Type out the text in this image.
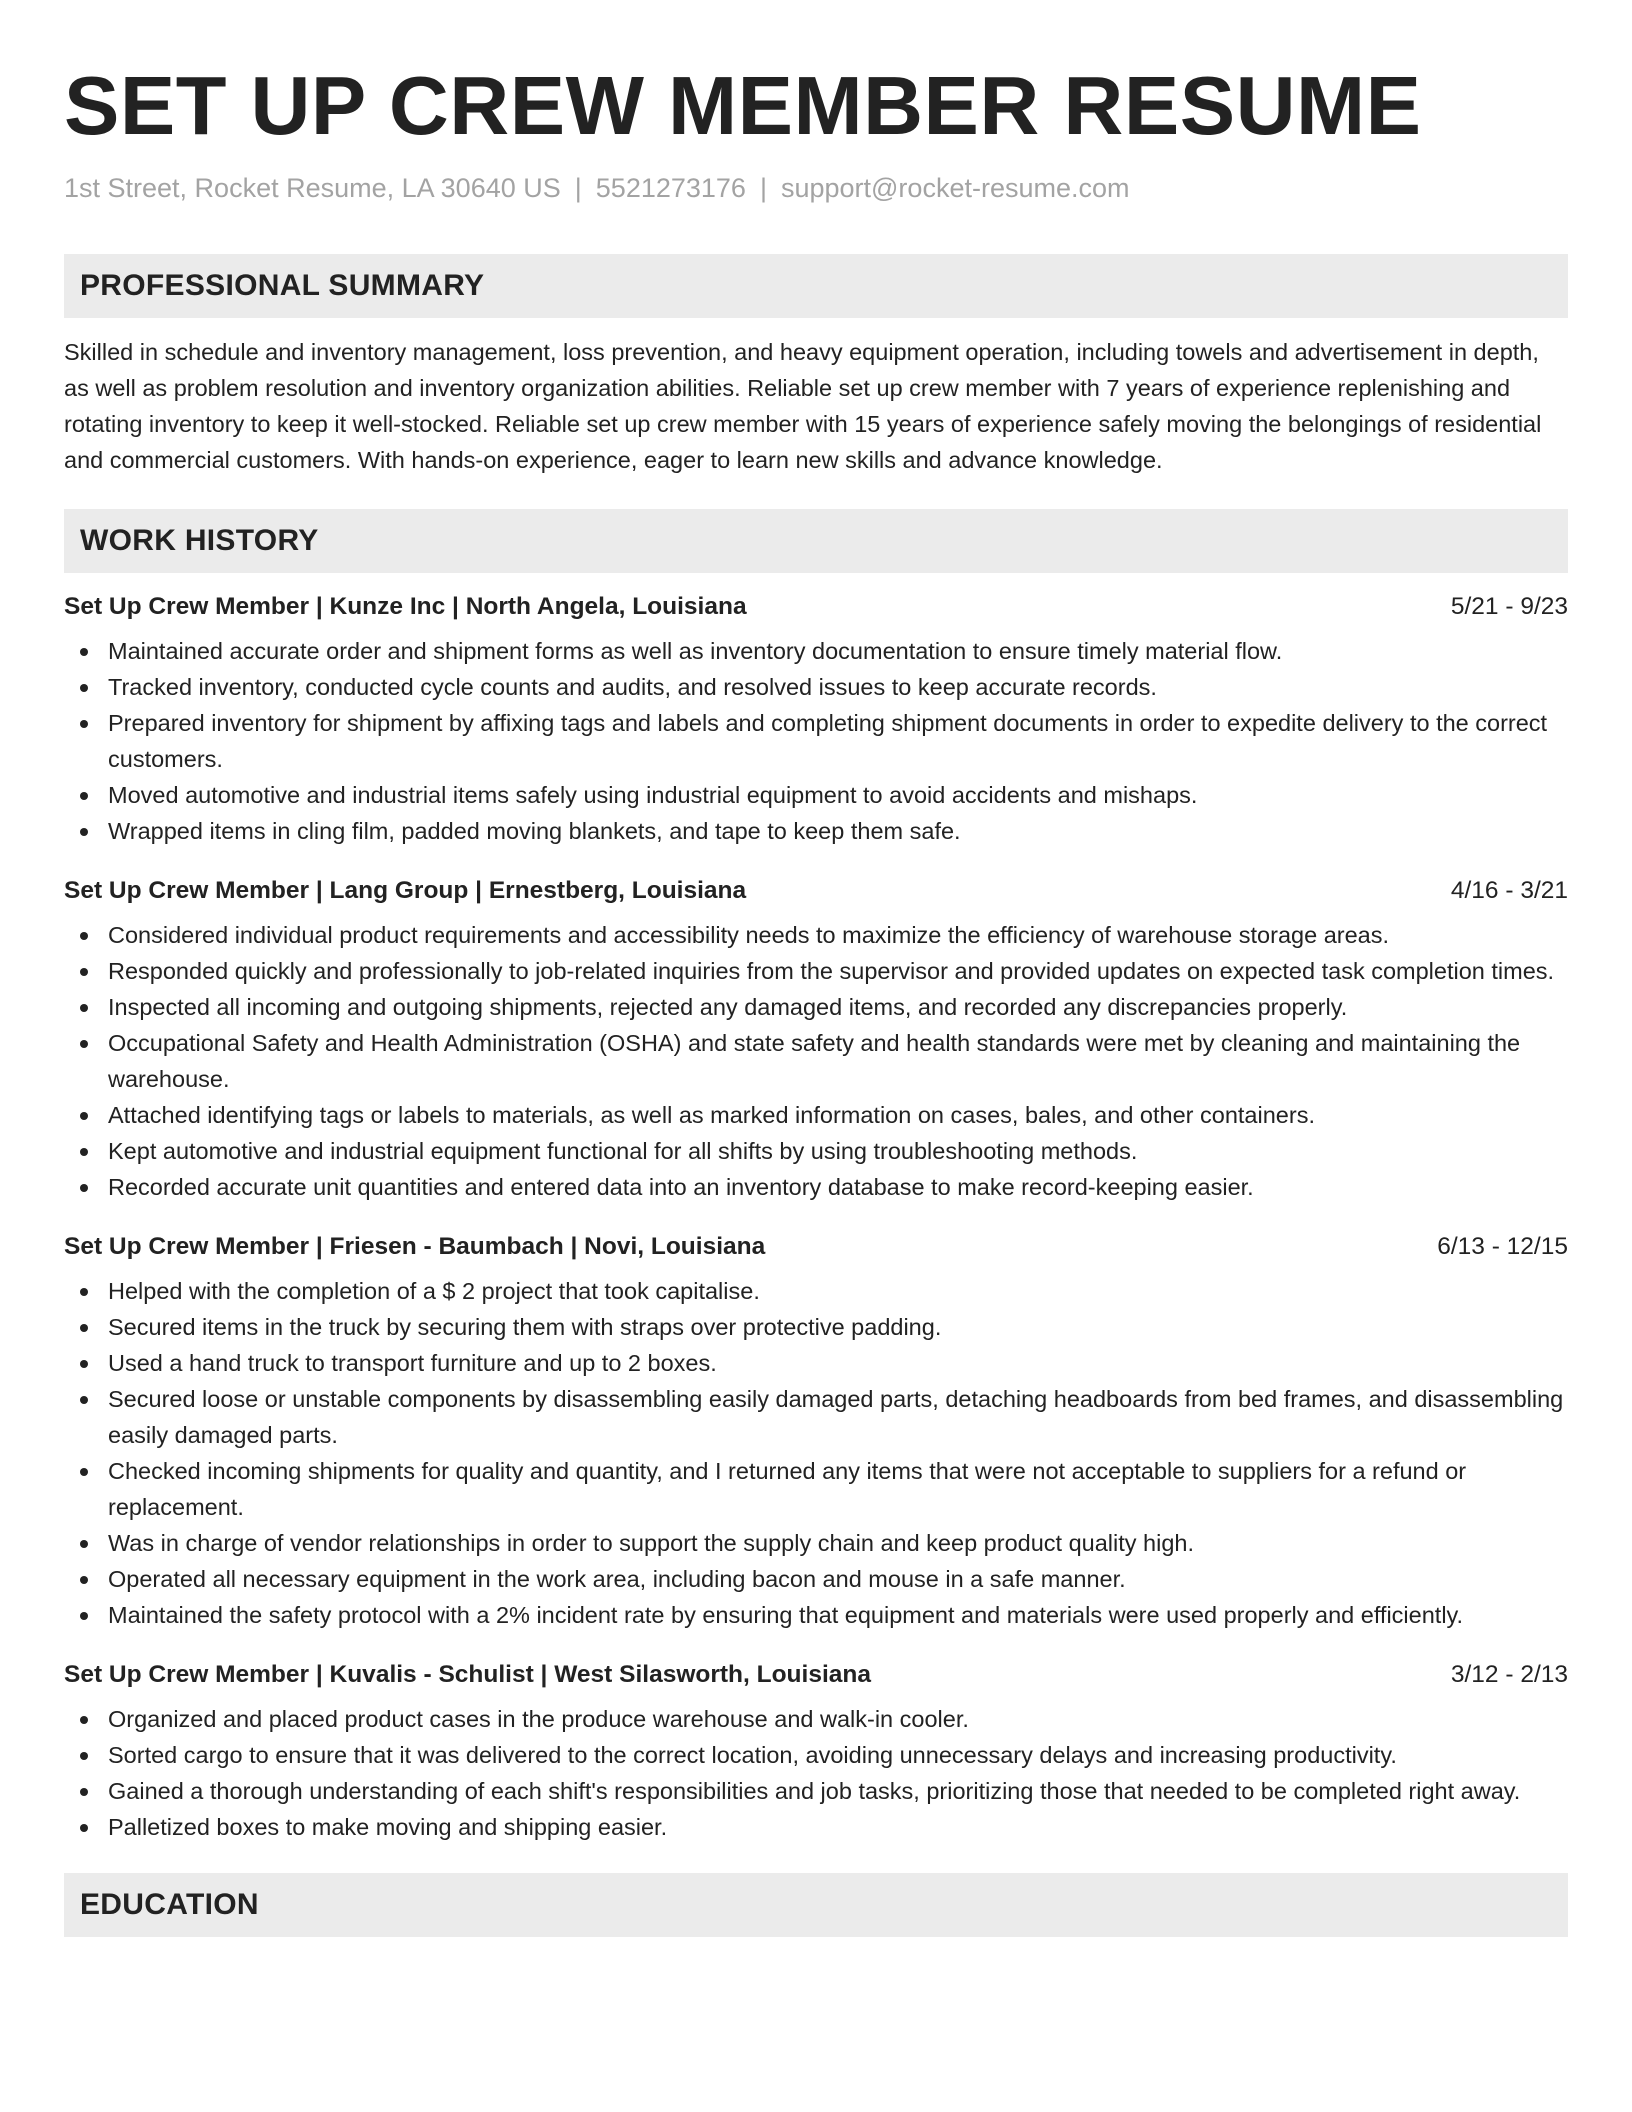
SET UP CREW MEMBER RESUME
1st Street, Rocket Resume, LA 30640 US | 5521273176 | support@rocket-resume.com
PROFESSIONAL SUMMARY

Skilled in schedule and inventory management, loss prevention, and heavy equipment operation, including towels and advertisement in depth, as well as problem resolution and inventory organization abilities. Reliable set up crew member with 7 years of experience replenishing and rotating inventory to keep it well-stocked. Reliable set up crew member with 15 years of experience safely moving the belongings of residential and commercial customers. With hands-on experience, eager to learn new skills and advance knowledge.

WORK HISTORY
Set Up Crew Member | Kunze Inc | North Angela, Louisiana	5/21 - 9/23
Maintained accurate order and shipment forms as well as inventory documentation to ensure timely material flow.
Tracked inventory, conducted cycle counts and audits, and resolved issues to keep accurate records.
Prepared inventory for shipment by affixing tags and labels and completing shipment documents in order to expedite delivery to the correct customers.
Moved automotive and industrial items safely using industrial equipment to avoid accidents and mishaps.
Wrapped items in cling film, padded moving blankets, and tape to keep them safe.
Set Up Crew Member | Lang Group | Ernestberg, Louisiana	4/16 - 3/21
Considered individual product requirements and accessibility needs to maximize the efficiency of warehouse storage areas.
Responded quickly and professionally to job-related inquiries from the supervisor and provided updates on expected task completion times.
Inspected all incoming and outgoing shipments, rejected any damaged items, and recorded any discrepancies properly.
Occupational Safety and Health Administration (OSHA) and state safety and health standards were met by cleaning and maintaining the warehouse.
Attached identifying tags or labels to materials, as well as marked information on cases, bales, and other containers.
Kept automotive and industrial equipment functional for all shifts by using troubleshooting methods.
Recorded accurate unit quantities and entered data into an inventory database to make record-keeping easier.
Set Up Crew Member | Friesen - Baumbach | Novi, Louisiana	6/13 - 12/15
Helped with the completion of a $ 2 project that took capitalise.
Secured items in the truck by securing them with straps over protective padding.
Used a hand truck to transport furniture and up to 2 boxes.
Secured loose or unstable components by disassembling easily damaged parts, detaching headboards from bed frames, and disassembling easily damaged parts.
Checked incoming shipments for quality and quantity, and I returned any items that were not acceptable to suppliers for a refund or replacement.
Was in charge of vendor relationships in order to support the supply chain and keep product quality high.
Operated all necessary equipment in the work area, including bacon and mouse in a safe manner.
Maintained the safety protocol with a 2% incident rate by ensuring that equipment and materials were used properly and efficiently.
Set Up Crew Member | Kuvalis - Schulist | West Silasworth, Louisiana	3/12 - 2/13
Organized and placed product cases in the produce warehouse and walk-in cooler.
Sorted cargo to ensure that it was delivered to the correct location, avoiding unnecessary delays and increasing productivity.
Gained a thorough understanding of each shift's responsibilities and job tasks, prioritizing those that needed to be completed right away.
Palletized boxes to make moving and shipping easier.
EDUCATION
